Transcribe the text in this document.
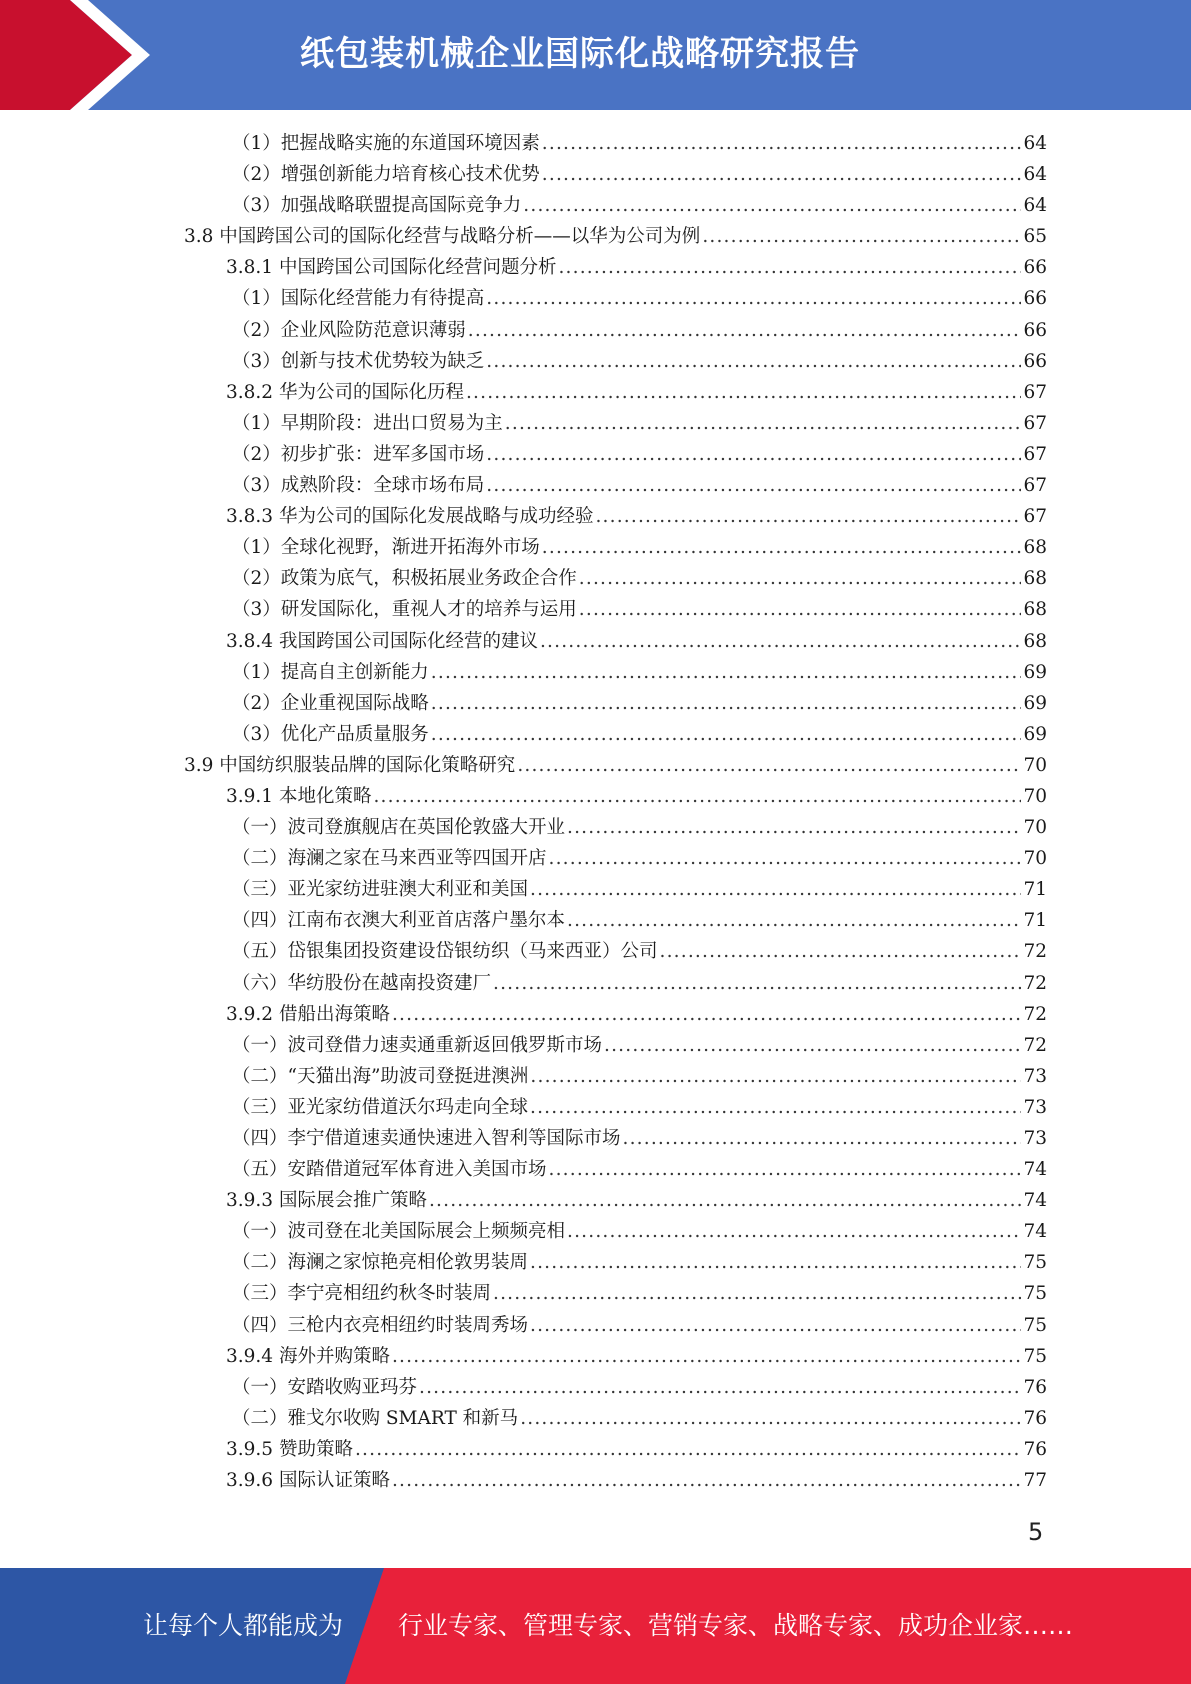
纸包装机械企业国际化战略研究报告
（1）把握战略实施的东道国环境因素 .....	64
（2）增强创新能力培育核心技术优势 .....	64
（3）加强战略联盟提高国际竞争力 .....	64
3.8 中国跨国公司的国际化经营与战略分析——以华为公司为例 .....	65
3.8.1 中国跨国公司国际化经营问题分析 .....	66
（1）国际化经营能力有待提高 .....	66
（2）企业风险防范意识薄弱 .....	66
（3）创新与技术优势较为缺乏 .....	66
3.8.2 华为公司的国际化历程 .....	67
（1）早期阶段：进出口贸易为主 .....	67
（2）初步扩张：进军多国市场 .....	67
（3）成熟阶段：全球市场布局 .....	67
3.8.3 华为公司的国际化发展战略与成功经验 .....	67
（1）全球化视野，渐进开拓海外市场 .....	68
（2）政策为底气，积极拓展业务政企合作 .....	68
（3）研发国际化，重视人才的培养与运用 .....	68
3.8.4 我国跨国公司国际化经营的建议 .....	68
（1）提高自主创新能力 .....	69
（2）企业重视国际战略 .....	69
（3）优化产品质量服务 .....	69
3.9 中国纺织服装品牌的国际化策略研究 .....	70
3.9.1 本地化策略 .....	70
（一）波司登旗舰店在英国伦敦盛大开业 .....	70
（二）海澜之家在马来西亚等四国开店 .....	70
（三）亚光家纺进驻澳大利亚和美国 .....	71
（四）江南布衣澳大利亚首店落户墨尔本 .....	71
（五）岱银集团投资建设岱银纺织（马来西亚）公司 .....	72
（六）华纺股份在越南投资建厂 .....	72
3.9.2 借船出海策略 .....	72
（一）波司登借力速卖通重新返回俄罗斯市场 .....	72
（二）“天猫出海”助波司登挺进澳洲 .....	73
（三）亚光家纺借道沃尔玛走向全球 .....	73
（四）李宁借道速卖通快速进入智利等国际市场 .....	73
（五）安踏借道冠军体育进入美国市场 .....	74
3.9.3 国际展会推广策略 .....	74
（一）波司登在北美国际展会上频频亮相 .....	74
（二）海澜之家惊艳亮相伦敦男装周 .....	75
（三）李宁亮相纽约秋冬时装周 .....	75
（四）三枪内衣亮相纽约时装周秀场 .....	75
3.9.4 海外并购策略 .....	75
（一）安踏收购亚玛芬 .....	76
（二）雅戈尔收购 SMART 和新马 .....	76
3.9.5 赞助策略 .....	76
3.9.6 国际认证策略 .....	77
5
让每个人都能成为 行业专家、管理专家、营销专家、战略专家、成功企业家……
